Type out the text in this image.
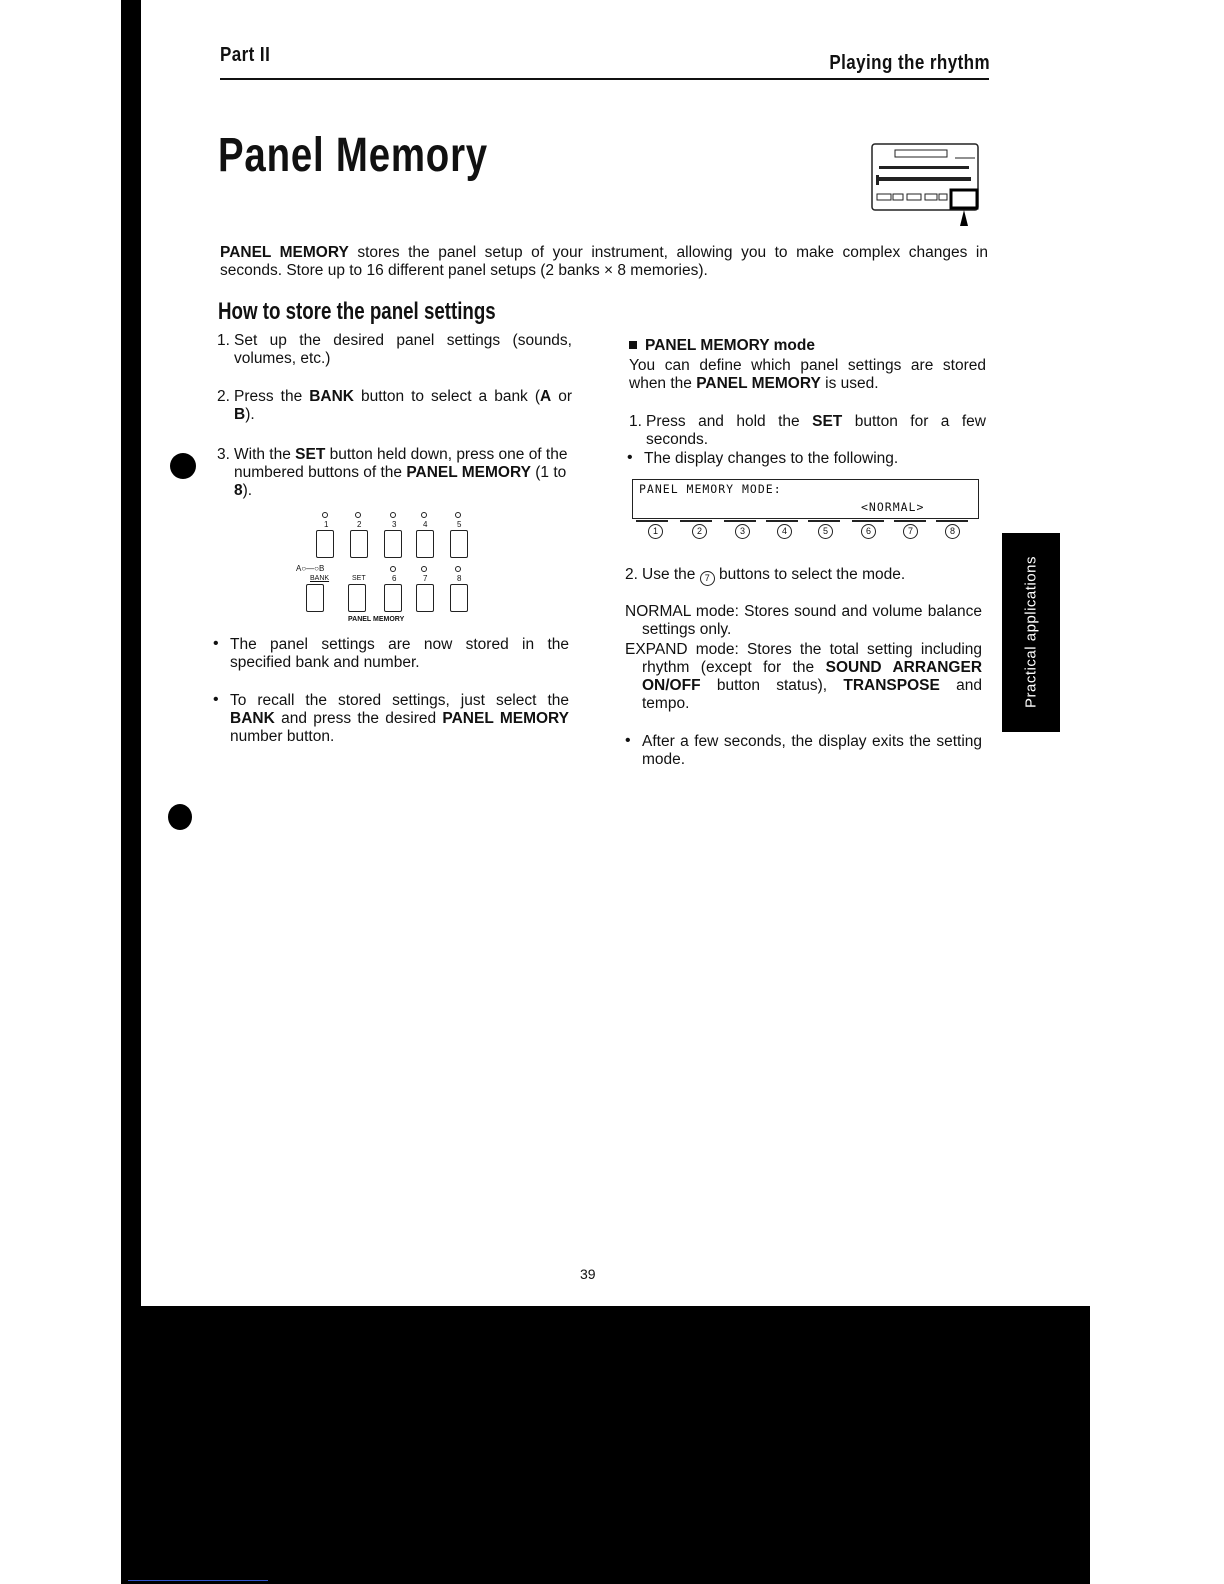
Part II	Playing the rhythm
Panel Memory
PANEL MEMORY stores the panel setup of your instrument, allowing you to make complex changes in seconds. Store up to 16 different panel setups (2 banks × 8 memories).
How to store the panel settings
1. Set up the desired panel settings (sounds, volumes, etc.)
2. Press the BANK button to select a bank (A or B).
3. With the SET button held down, press one of the numbered buttons of the PANEL MEMORY (1 to 8).
1	2	3	4	5
A○—○B
BANK	SET	6	7	8
PANEL MEMORY
• The panel settings are now stored in the specified bank and number.
• To recall the stored settings, just select the BANK and press the desired PANEL MEMORY number button.
PANEL MEMORY mode
You can define which panel settings are stored when the PANEL MEMORY is used.
1. Press and hold the SET button for a few seconds.
• The display changes to the following.
PANEL MEMORY MODE:
<NORMAL>
1	2	3	4	5	6	7	8
2. Use the 7 buttons to select the mode.
NORMAL mode: Stores sound and volume balance settings only.
EXPAND mode: Stores the total setting including rhythm (except for the SOUND ARRANGER ON/OFF button status), TRANSPOSE and tempo.
• After a few seconds, the display exits the setting mode.
Practical applications
39
